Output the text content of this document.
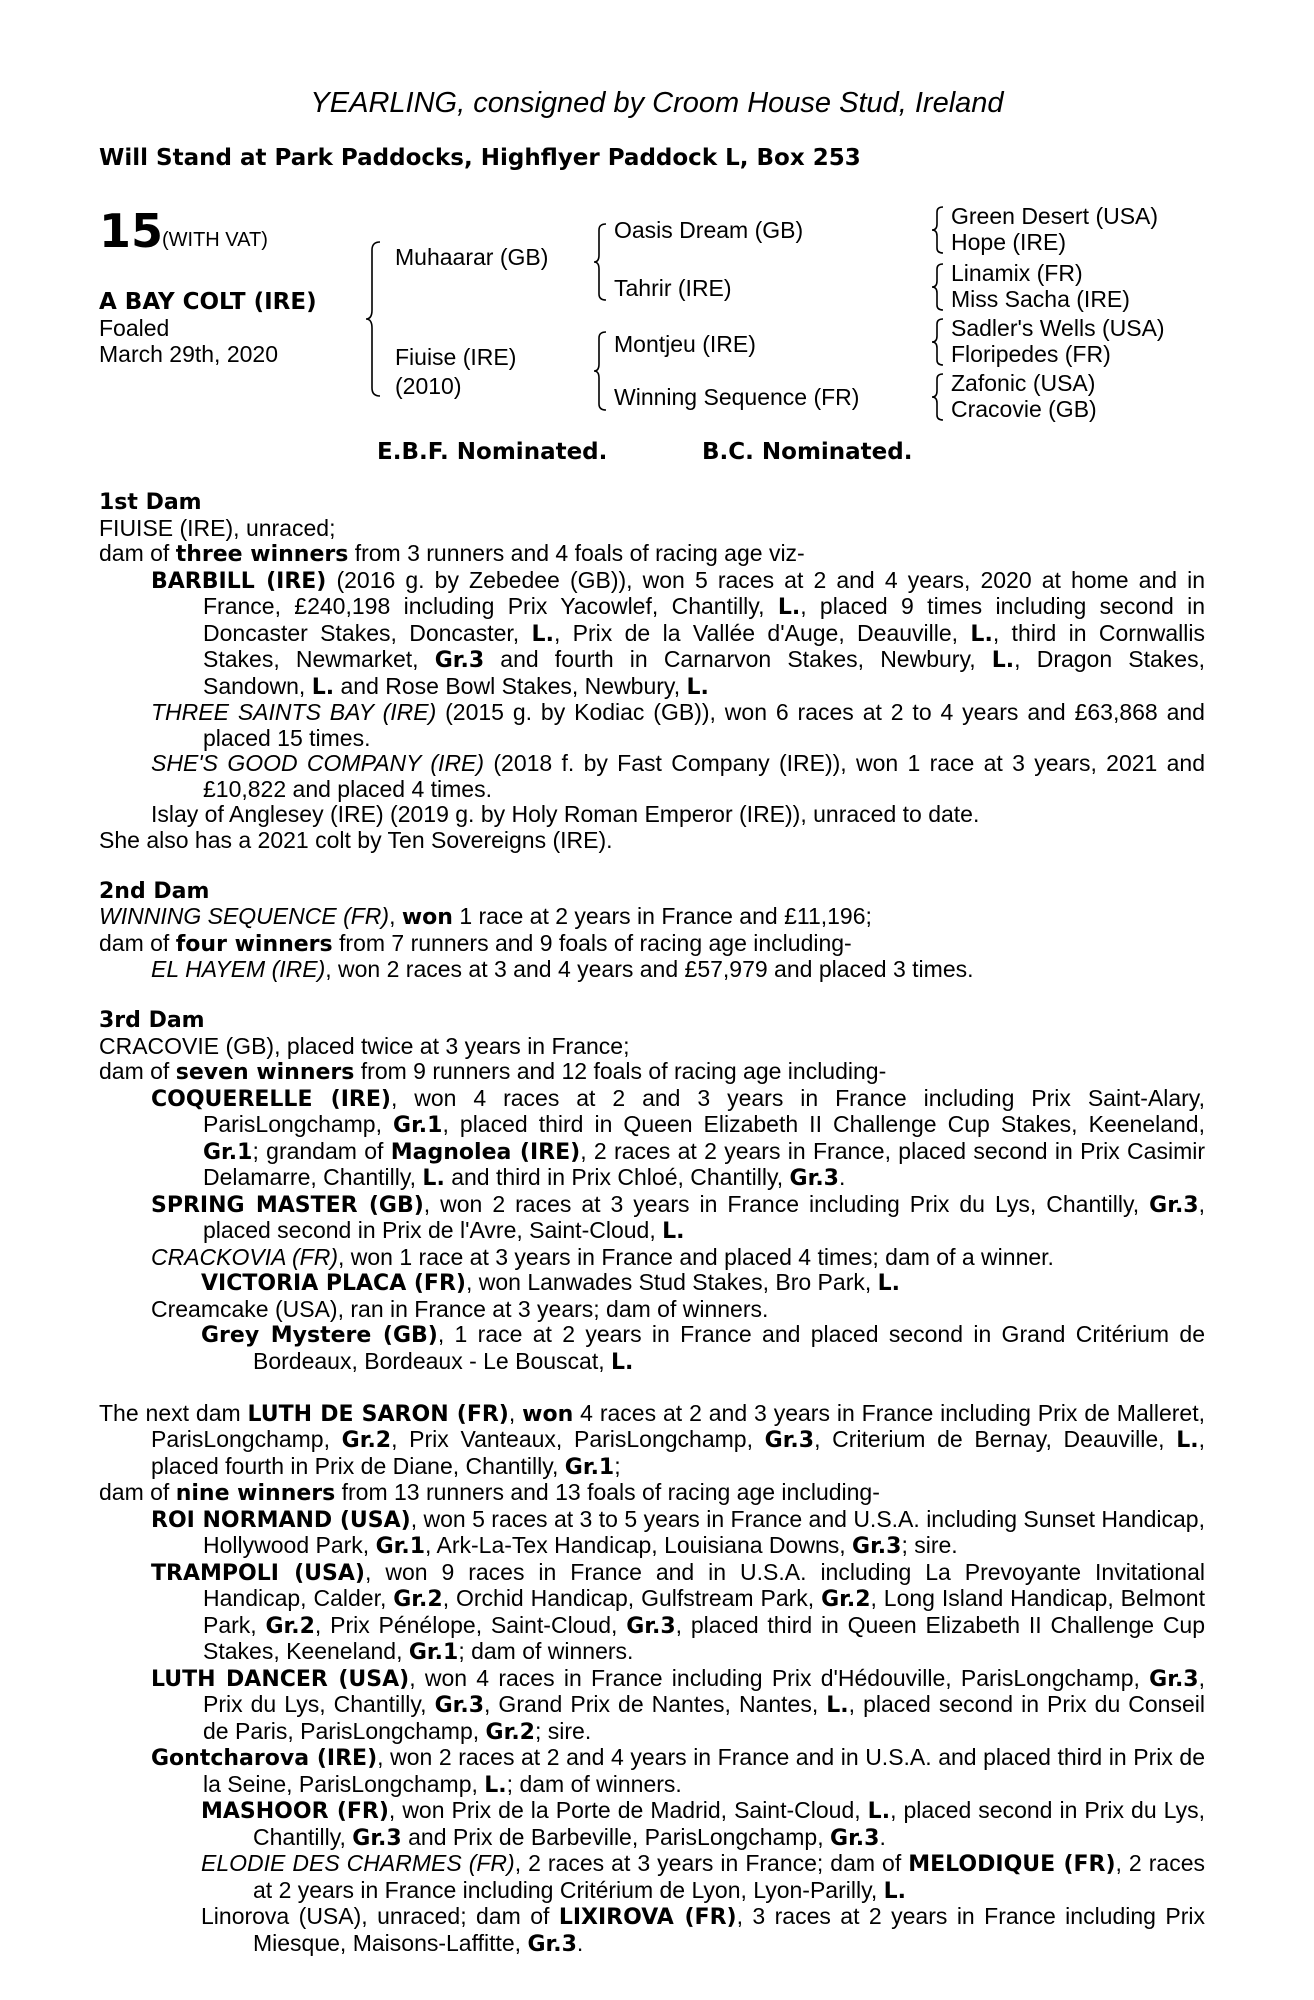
YEARLING, consigned by Croom House Stud, Ireland
Will Stand at Park Paddocks, Highflyer Paddock L, Box 253
15
(WITH VAT)
A BAY COLT (IRE)
Foaled
March 29th, 2020
Muhaarar (GB)
Fiuise (IRE)
(2010)
Oasis Dream (GB)
Tahrir (IRE)
Montjeu (IRE)
Winning Sequence (FR)
Green Desert (USA)
Hope (IRE)
Linamix (FR)
Miss Sacha (IRE)
Sadler's Wells (USA)
Floripedes (FR)
Zafonic (USA)
Cracovie (GB)
E.B.F. Nominated.	B.C. Nominated.
1st Dam
FIUISE (IRE), unraced;
dam of three winners from 3 runners and 4 foals of racing age viz-
BARBILL (IRE) (2016 g. by Zebedee (GB)), won 5 races at 2 and 4 years, 2020 at home and in France, £240,198 including Prix Yacowlef, Chantilly, L., placed 9 times including second in Doncaster Stakes, Doncaster, L., Prix de la Vallée d'Auge, Deauville, L., third in Cornwallis Stakes, Newmarket, Gr.3 and fourth in Carnarvon Stakes, Newbury, L., Dragon Stakes, Sandown, L. and Rose Bowl Stakes, Newbury, L.
THREE SAINTS BAY (IRE) (2015 g. by Kodiac (GB)), won 6 races at 2 to 4 years and £63,868 and placed 15 times.
SHE'S GOOD COMPANY (IRE) (2018 f. by Fast Company (IRE)), won 1 race at 3 years, 2021 and £10,822 and placed 4 times.
Islay of Anglesey (IRE) (2019 g. by Holy Roman Emperor (IRE)), unraced to date.
She also has a 2021 colt by Ten Sovereigns (IRE).
2nd Dam
WINNING SEQUENCE (FR), won 1 race at 2 years in France and £11,196;
dam of four winners from 7 runners and 9 foals of racing age including-
EL HAYEM (IRE), won 2 races at 3 and 4 years and £57,979 and placed 3 times.
3rd Dam
CRACOVIE (GB), placed twice at 3 years in France;
dam of seven winners from 9 runners and 12 foals of racing age including-
COQUERELLE (IRE), won 4 races at 2 and 3 years in France including Prix Saint-Alary, ParisLongchamp, Gr.1, placed third in Queen Elizabeth II Challenge Cup Stakes, Keeneland, Gr.1; grandam of Magnolea (IRE), 2 races at 2 years in France, placed second in Prix Casimir Delamarre, Chantilly, L. and third in Prix Chloé, Chantilly, Gr.3.
SPRING MASTER (GB), won 2 races at 3 years in France including Prix du Lys, Chantilly, Gr.3, placed second in Prix de l'Avre, Saint-Cloud, L.
CRACKOVIA (FR), won 1 race at 3 years in France and placed 4 times; dam of a winner.
VICTORIA PLACA (FR), won Lanwades Stud Stakes, Bro Park, L.
Creamcake (USA), ran in France at 3 years; dam of winners.
Grey Mystere (GB), 1 race at 2 years in France and placed second in Grand Critérium de Bordeaux, Bordeaux - Le Bouscat, L.
The next dam LUTH DE SARON (FR), won 4 races at 2 and 3 years in France including Prix de Malleret, ParisLongchamp, Gr.2, Prix Vanteaux, ParisLongchamp, Gr.3, Criterium de Bernay, Deauville, L., placed fourth in Prix de Diane, Chantilly, Gr.1;
dam of nine winners from 13 runners and 13 foals of racing age including-
ROI NORMAND (USA), won 5 races at 3 to 5 years in France and U.S.A. including Sunset Handicap, Hollywood Park, Gr.1, Ark-La-Tex Handicap, Louisiana Downs, Gr.3; sire.
TRAMPOLI (USA), won 9 races in France and in U.S.A. including La Prevoyante Invitational Handicap, Calder, Gr.2, Orchid Handicap, Gulfstream Park, Gr.2, Long Island Handicap, Belmont Park, Gr.2, Prix Pénélope, Saint-Cloud, Gr.3, placed third in Queen Elizabeth II Challenge Cup Stakes, Keeneland, Gr.1; dam of winners.
LUTH DANCER (USA), won 4 races in France including Prix d'Hédouville, ParisLongchamp, Gr.3, Prix du Lys, Chantilly, Gr.3, Grand Prix de Nantes, Nantes, L., placed second in Prix du Conseil de Paris, ParisLongchamp, Gr.2; sire.
Gontcharova (IRE), won 2 races at 2 and 4 years in France and in U.S.A. and placed third in Prix de la Seine, ParisLongchamp, L.; dam of winners.
MASHOOR (FR), won Prix de la Porte de Madrid, Saint-Cloud, L., placed second in Prix du Lys, Chantilly, Gr.3 and Prix de Barbeville, ParisLongchamp, Gr.3.
ELODIE DES CHARMES (FR), 2 races at 3 years in France; dam of MELODIQUE (FR), 2 races at 2 years in France including Critérium de Lyon, Lyon-Parilly, L.
Linorova (USA), unraced; dam of LIXIROVA (FR), 3 races at 2 years in France including Prix Miesque, Maisons-Laffitte, Gr.3.
